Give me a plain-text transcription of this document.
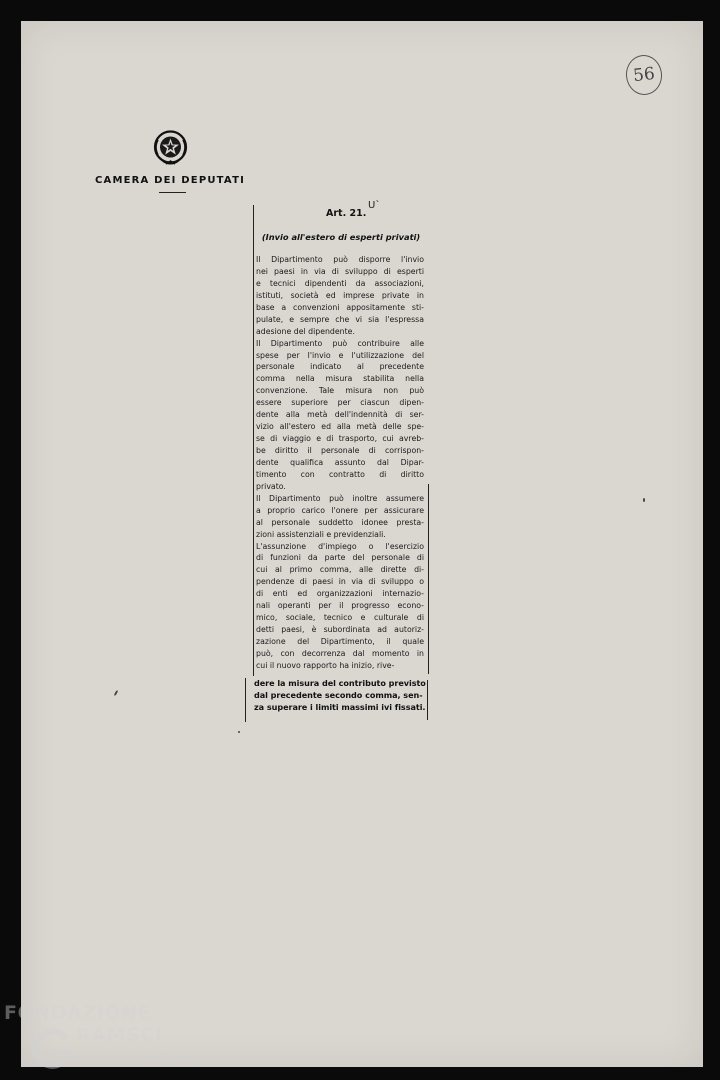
56
CAMERA DEI DEPUTATI
Art. 21.
Uˋ
(Invio all'estero di esperti privati)
Il Dipartimento può disporre l'invio
nei paesi in via di sviluppo di esperti
e tecnici dipendenti da associazioni,
istituti, società ed imprese private in
base a convenzioni appositamente sti-
pulate, e sempre che vi sia l'espressa
adesione del dipendente.
Il Dipartimento può contribuire alle
spese per l'invio e l'utilizzazione del
personale indicato al precedente
comma nella misura stabilita nella
convenzione. Tale misura non può
essere superiore per ciascun dipen-
dente alla metà dell'indennità di ser-
vizio all'estero ed alla metà delle spe-
se di viaggio e di trasporto, cui avreb-
be diritto il personale di corrispon-
dente qualifica assunto dal Dipar-
timento con contratto di diritto
privato.
Il Dipartimento può inoltre assumere
a proprio carico l'onere per assicurare
al personale suddetto idonee presta-
zioni assistenziali e previdenziali.
L'assunzione d'impiego o l'esercizio
di funzioni da parte del personale di
cui al primo comma, alle dirette di-
pendenze di paesi in via di sviluppo o
di enti ed organizzazioni internazio-
nali operanti per il progresso econo-
mico, sociale, tecnico e culturale di
detti paesi, è subordinata ad autoriz-
zazione del Dipartimento, il quale
può, con decorrenza dal momento in
cui il nuovo rapporto ha inizio, rive-
dere la misura del contributo previsto
dal precedente secondo comma, sen-
za superare i limiti massimi ivi fissati.
FONDAZIONE
RAMSCI
onlus
